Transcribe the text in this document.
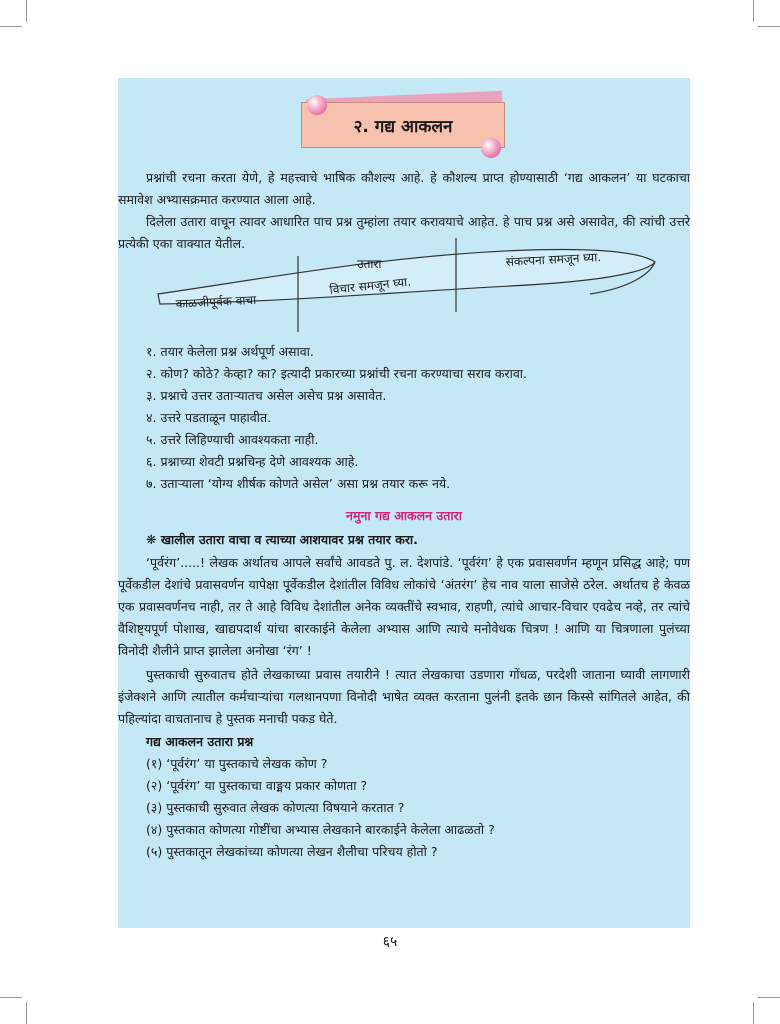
२. गद्य आकलन
प्रश्नांची रचना करता येणे, हे महत्त्वाचे भाषिक कौशल्य आहे. हे कौशल्य प्राप्त होण्यासाठी ‘गद्य आकलन’ या घटकाचा समावेश अभ्यासक्रमात करण्यात आला आहे.
दिलेला उतारा वाचून त्यावर आधारित पाच प्रश्न तुम्हांला तयार करावयाचे आहेत. हे पाच प्रश्न असे असावेत, की त्यांची उत्तरे प्रत्येकी एका वाक्यात येतील.
उतारा	संकल्पना समजून घ्या.
विचार समजून घ्या.
काळजीपूर्वक वाचा
१. तयार केलेला प्रश्न अर्थपूर्ण असावा.
२. कोण? कोठे? केव्हा? का? इत्यादी प्रकारच्या प्रश्नांची रचना करण्याचा सराव करावा.
३. प्रश्नाचे उत्तर उताऱ्यातच असेल असेच प्रश्न असावेत.
४. उत्तरे पडताळून पाहावीत.
५. उत्तरे लिहिण्याची आवश्यकता नाही.
६. प्रश्नाच्या शेवटी प्रश्नचिन्ह देणे आवश्यक आहे.
७. उताऱ्याला ‘योग्य शीर्षक कोणते असेल’ असा प्रश्न तयार करू नये.
नमुना गद्य आकलन उतारा
❋ खालील उतारा वाचा व त्याच्या आशयावर प्रश्न तयार करा.
‘पूर्वरंग’.....! लेखक अर्थातच आपले सर्वांचे आवडते पु. ल. देशपांडे. ‘पूर्वरंग’ हे एक प्रवासवर्णन म्हणून प्रसिद्ध आहे; पण पूर्वेकडील देशांचे प्रवासवर्णन यापेक्षा पूर्वेकडील देशांतील विविध लोकांचे ‘अंतरंग’ हेच नाव याला साजेसे ठरेल. अर्थातच हे केवळ एक प्रवासवर्णनच नाही, तर ते आहे विविध देशांतील अनेक व्यक्तींचे स्वभाव, राहणी, त्यांचे आचार-विचार एवढेच नव्हे, तर त्यांचे वैशिष्ट्यपूर्ण पोशाख, खाद्यपदार्थ यांचा बारकाईने केलेला अभ्यास आणि त्याचे मनोवेधक चित्रण ! आणि या चित्रणाला पुलंच्या विनोदी शैलीने प्राप्त झालेला अनोखा ‘रंग’ !
पुस्तकाची सुरुवातच होते लेखकाच्या प्रवास तयारीने ! त्यात लेखकाचा उडणारा गोंधळ, परदेशी जाताना घ्यावी लागणारी इंजेक्शने आणि त्यातील कर्मचाऱ्यांचा गलथानपणा विनोदी भाषेत व्यक्त करताना पुलंनी इतके छान किस्से सांगितले आहेत, की पहिल्यांदा वाचतानाच हे पुस्तक मनाची पकड घेते.
गद्य आकलन उतारा प्रश्न
(१) ‘पूर्वरंग’ या पुस्तकाचे लेखक कोण ?
(२) ‘पूर्वरंग’ या पुस्तकाचा वाङ्मय प्रकार कोणता ?
(३) पुस्तकाची सुरुवात लेखक कोणत्या विषयाने करतात ?
(४) पुस्तकात कोणत्या गोष्टींचा अभ्यास लेखकाने बारकाईने केलेला आढळतो ?
(५) पुस्तकातून लेखकांच्या कोणत्या लेखन शैलीचा परिचय होतो ?
६५
